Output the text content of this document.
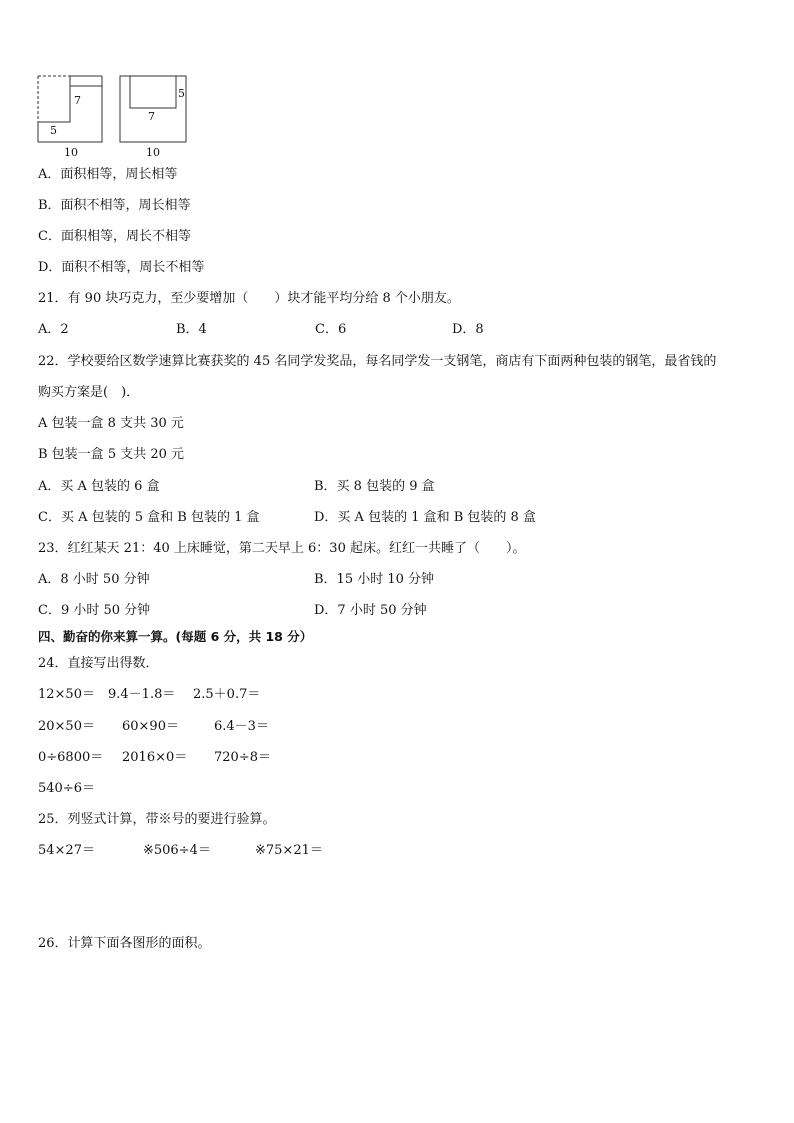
7
5
10
5
7
10
A．面积相等，周长相等
B．面积不相等，周长相等
C．面积相等，周长不相等
D．面积不相等，周长不相等
21．有 90 块巧克力，至少要增加（　　）块才能平均分给 8 个小朋友。
A．2	B．4	C．6	D．8
22．学校要给区数学速算比赛获奖的 45 名同学发奖品，每名同学发一支钢笔，商店有下面两种包装的钢笔，最省钱的
购买方案是(　)．
A 包装一盒 8 支共 30 元
B 包装一盒 5 支共 20 元
A．买 A 包装的 6 盒	B．买 8 包装的 9 盒
C．买 A 包装的 5 盒和 B 包装的 1 盒	D．买 A 包装的 1 盒和 B 包装的 8 盒
23．红红某天 21：40 上床睡觉，第二天早上 6：30 起床。红红一共睡了（　　）。
A．8 小时 50 分钟	B．15 小时 10 分钟
C．9 小时 50 分钟	D．7 小时 50 分钟
四、勤奋的你来算一算。(每题 6 分，共 18 分）
24．直接写出得数．
12×50＝ 9.4－1.8＝ 2.5＋0.7＝
20×50＝ 60×90＝	6.4－3＝
0÷6800＝ 2016×0＝ 720÷8＝
540÷6＝
25．列竖式计算，带※号的要进行验算。
54×27＝	※506÷4＝	※75×21＝
26．计算下面各图形的面积。
